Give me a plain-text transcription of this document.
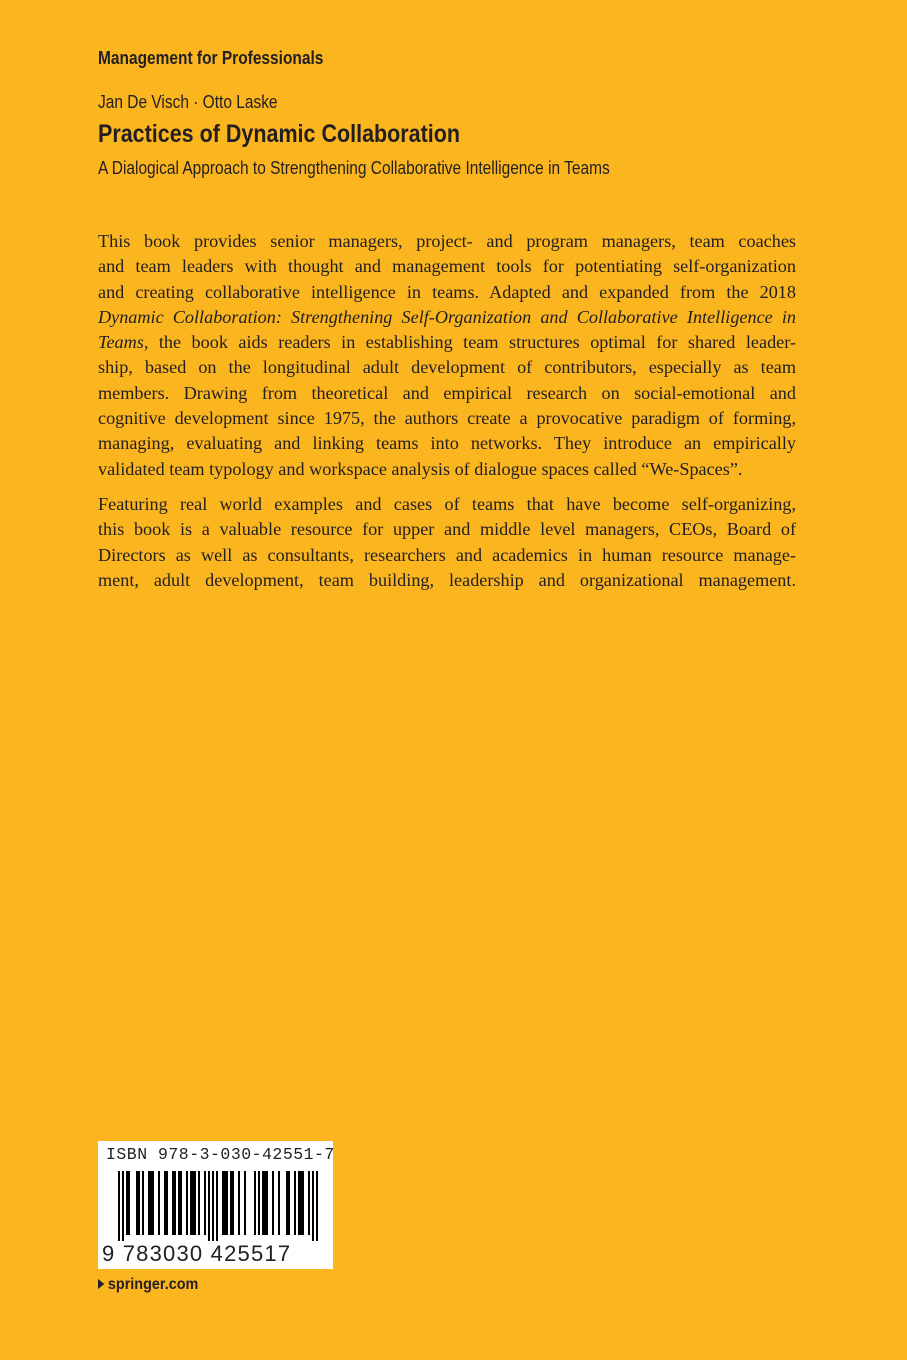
Management for Professionals
Jan De Visch · Otto Laske
Practices of Dynamic Collaboration
A Dialogical Approach to Strengthening Collaborative Intelligence in Teams

This book provides senior managers, project- and program managers, team coaches
and team leaders with thought and management tools for potentiating self-organization
and creating collaborative intelligence in teams. Adapted and expanded from the 2018
Dynamic Collaboration: Strengthening Self-Organization and Collaborative Intelligence in
Teams, the book aids readers in establishing team structures optimal for shared leader-
ship, based on the longitudinal adult development of contributors, especially as team
members. Drawing from theoretical and empirical research on social-emotional and
cognitive development since 1975, the authors create a provocative paradigm of forming,
managing, evaluating and linking teams into networks. They introduce an empirically
validated team typology and workspace analysis of dialogue spaces called “We-Spaces”.

Featuring real world examples and cases of teams that have become self-organizing,
this book is a valuable resource for upper and middle level managers, CEOs, Board of
Directors as well as consultants, researchers and academics in human resource manage-
ment, adult development, team building, leadership and organizational management.

ISBN 978-3-030-42551-7
9 783030 425517
springer.com
